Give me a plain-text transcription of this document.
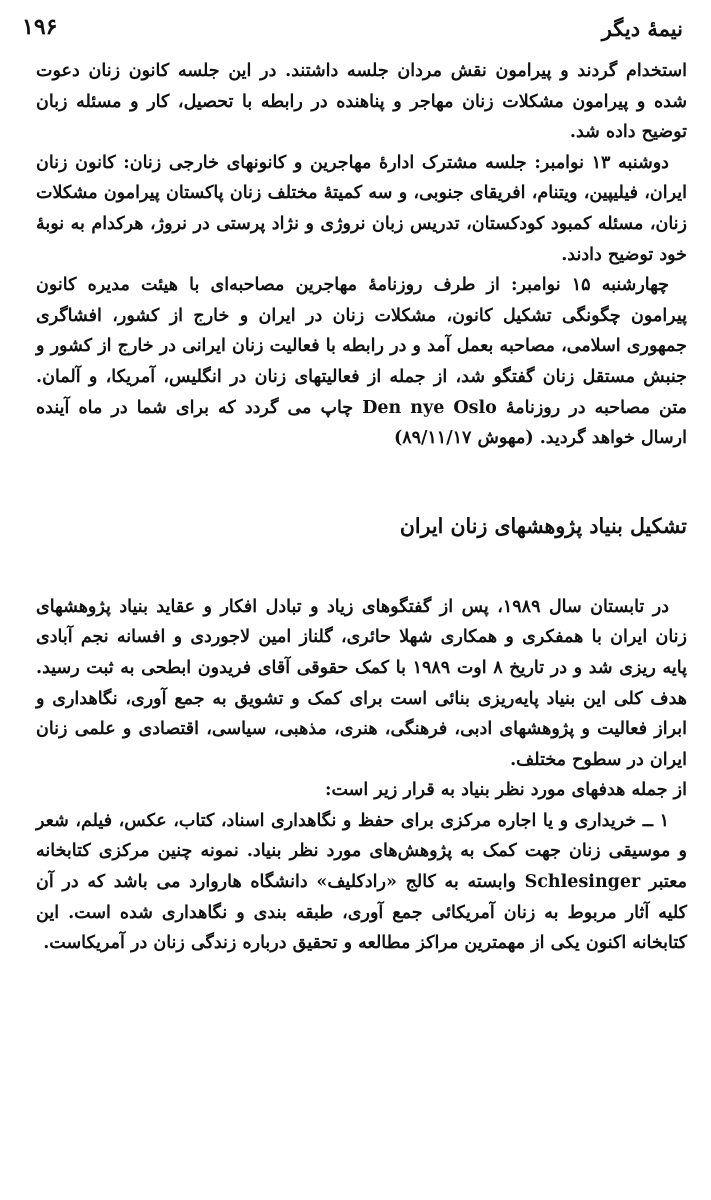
نیمهٔ دیگر
۱۹۶

استخدام گردند و پیرامون نقش مردان جلسه داشتند. در این جلسه کانون زنان دعوت شده و پیرامون مشکلات زنان مهاجر و پناهنده در رابطه با تحصیل، کار و مسئله زبان توضیح داده شد.

دوشنبه ۱۳ نوامبر: جلسه مشترک ادارهٔ مهاجرین و کانونهای خارجی زنان: کانون زنان ایران، فیلیپین، ویتنام، افریقای جنوبی، و سه کمیتهٔ مختلف زنان پاکستان پیرامون مشکلات زنان، مسئله کمبود کودکستان، تدریس زبان نروژی و نژاد پرستی در نروژ، هرکدام به نوبهٔ خود توضیح دادند.

چهارشنبه ۱۵ نوامبر: از طرف روزنامهٔ مهاجرین مصاحبه‌ای با هیئت مدیره کانون پیرامون چگونگی تشکیل کانون، مشکلات زنان در ایران و خارج از کشور، افشاگری جمهوری اسلامی، مصاحبه بعمل آمد و در رابطه با فعالیت زنان ایرانی در خارج از کشور و جنبش مستقل زنان گفتگو شد، از جمله از فعالیتهای زنان در انگلیس، آمریکا، و آلمان. متن مصاحبه در روزنامهٔ Den nye Oslo چاپ می گردد که برای شما در ماه آینده ارسال خواهد گردید. (مهوش ۸۹/۱۱/۱۷)

تشکیل بنیاد پژوهشهای زنان ایران

در تابستان سال ۱۹۸۹، پس از گفتگوهای زیاد و تبادل افکار و عقاید بنیاد پژوهشهای زنان ایران با همفکری و همکاری شهلا حائری، گلناز امین لاجوردی و افسانه نجم آبادی پایه ریزی شد و در تاریخ ۸ اوت ۱۹۸۹ با کمک حقوقی آقای فریدون ابطحی به ثبت رسید. هدف کلی این بنیاد پایه‌ریزی بنائی است برای کمک و تشویق به جمع آوری، نگاهداری و ابراز فعالیت و پژوهشهای ادبی، فرهنگی، هنری، مذهبی، سیاسی، اقتصادی و علمی زنان ایران در سطوح مختلف.

از جمله هدفهای مورد نظر بنیاد به قرار زیر است:

۱ ــ خریداری و یا اجاره مرکزی برای حفظ و نگاهداری اسناد، کتاب، عکس، فیلم، شعر و موسیقی زنان جهت کمک به پژوهش‌های مورد نظر بنیاد. نمونه چنین مرکزی کتابخانه معتبر Schlesinger وابسته به کالج «رادکلیف» دانشگاه هاروارد می باشد که در آن کلیه آثار مربوط به زنان آمریکائی جمع آوری، طبقه بندی و نگاهداری شده است. این کتابخانه اکنون یکی از مهمترین مراکز مطالعه و تحقیق درباره زندگی زنان در آمریکاست.
